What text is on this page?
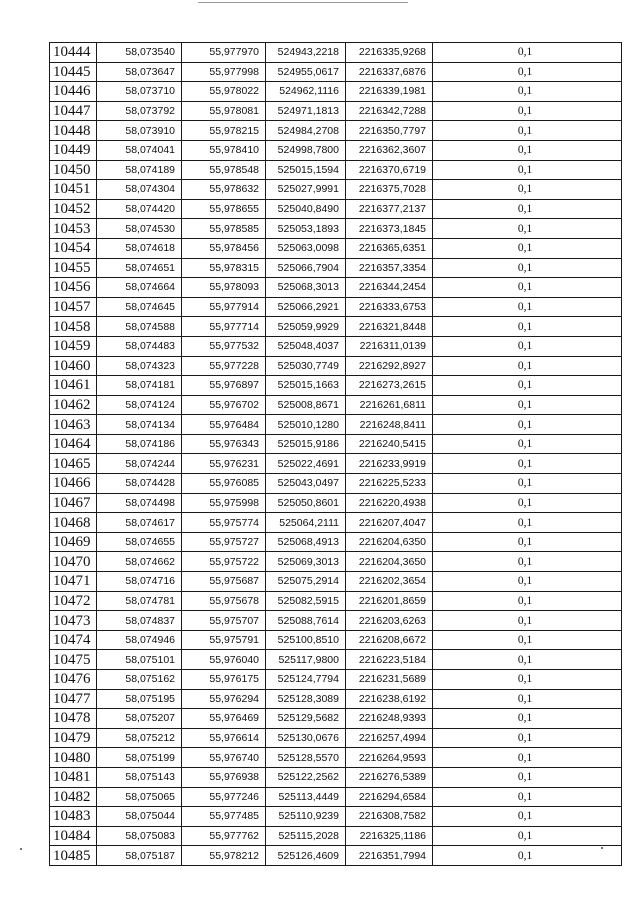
10444	58,073540	55,977970	524943,2218	2216335,9268	0,1
10445	58,073647	55,977998	524955,0617	2216337,6876	0,1
10446	58,073710	55,978022	524962,1116	2216339,1981	0,1
10447	58,073792	55,978081	524971,1813	2216342,7288	0,1
10448	58,073910	55,978215	524984,2708	2216350,7797	0,1
10449	58,074041	55,978410	524998,7800	2216362,3607	0,1
10450	58,074189	55,978548	525015,1594	2216370,6719	0,1
10451	58,074304	55,978632	525027,9991	2216375,7028	0,1
10452	58,074420	55,978655	525040,8490	2216377,2137	0,1
10453	58,074530	55,978585	525053,1893	2216373,1845	0,1
10454	58,074618	55,978456	525063,0098	2216365,6351	0,1
10455	58,074651	55,978315	525066,7904	2216357,3354	0,1
10456	58,074664	55,978093	525068,3013	2216344,2454	0,1
10457	58,074645	55,977914	525066,2921	2216333,6753	0,1
10458	58,074588	55,977714	525059,9929	2216321,8448	0,1
10459	58,074483	55,977532	525048,4037	2216311,0139	0,1
10460	58,074323	55,977228	525030,7749	2216292,8927	0,1
10461	58,074181	55,976897	525015,1663	2216273,2615	0,1
10462	58,074124	55,976702	525008,8671	2216261,6811	0,1
10463	58,074134	55,976484	525010,1280	2216248,8411	0,1
10464	58,074186	55,976343	525015,9186	2216240,5415	0,1
10465	58,074244	55,976231	525022,4691	2216233,9919	0,1
10466	58,074428	55,976085	525043,0497	2216225,5233	0,1
10467	58,074498	55,975998	525050,8601	2216220,4938	0,1
10468	58,074617	55,975774	525064,2111	2216207,4047	0,1
10469	58,074655	55,975727	525068,4913	2216204,6350	0,1
10470	58,074662	55,975722	525069,3013	2216204,3650	0,1
10471	58,074716	55,975687	525075,2914	2216202,3654	0,1
10472	58,074781	55,975678	525082,5915	2216201,8659	0,1
10473	58,074837	55,975707	525088,7614	2216203,6263	0,1
10474	58,074946	55,975791	525100,8510	2216208,6672	0,1
10475	58,075101	55,976040	525117,9800	2216223,5184	0,1
10476	58,075162	55,976175	525124,7794	2216231,5689	0,1
10477	58,075195	55,976294	525128,3089	2216238,6192	0,1
10478	58,075207	55,976469	525129,5682	2216248,9393	0,1
10479	58,075212	55,976614	525130,0676	2216257,4994	0,1
10480	58,075199	55,976740	525128,5570	2216264,9593	0,1
10481	58,075143	55,976938	525122,2562	2216276,5389	0,1
10482	58,075065	55,977246	525113,4449	2216294,6584	0,1
10483	58,075044	55,977485	525110,9239	2216308,7582	0,1
10484	58,075083	55,977762	525115,2028	2216325,1186	0,1
10485	58,075187	55,978212	525126,4609	2216351,7994	0,1
